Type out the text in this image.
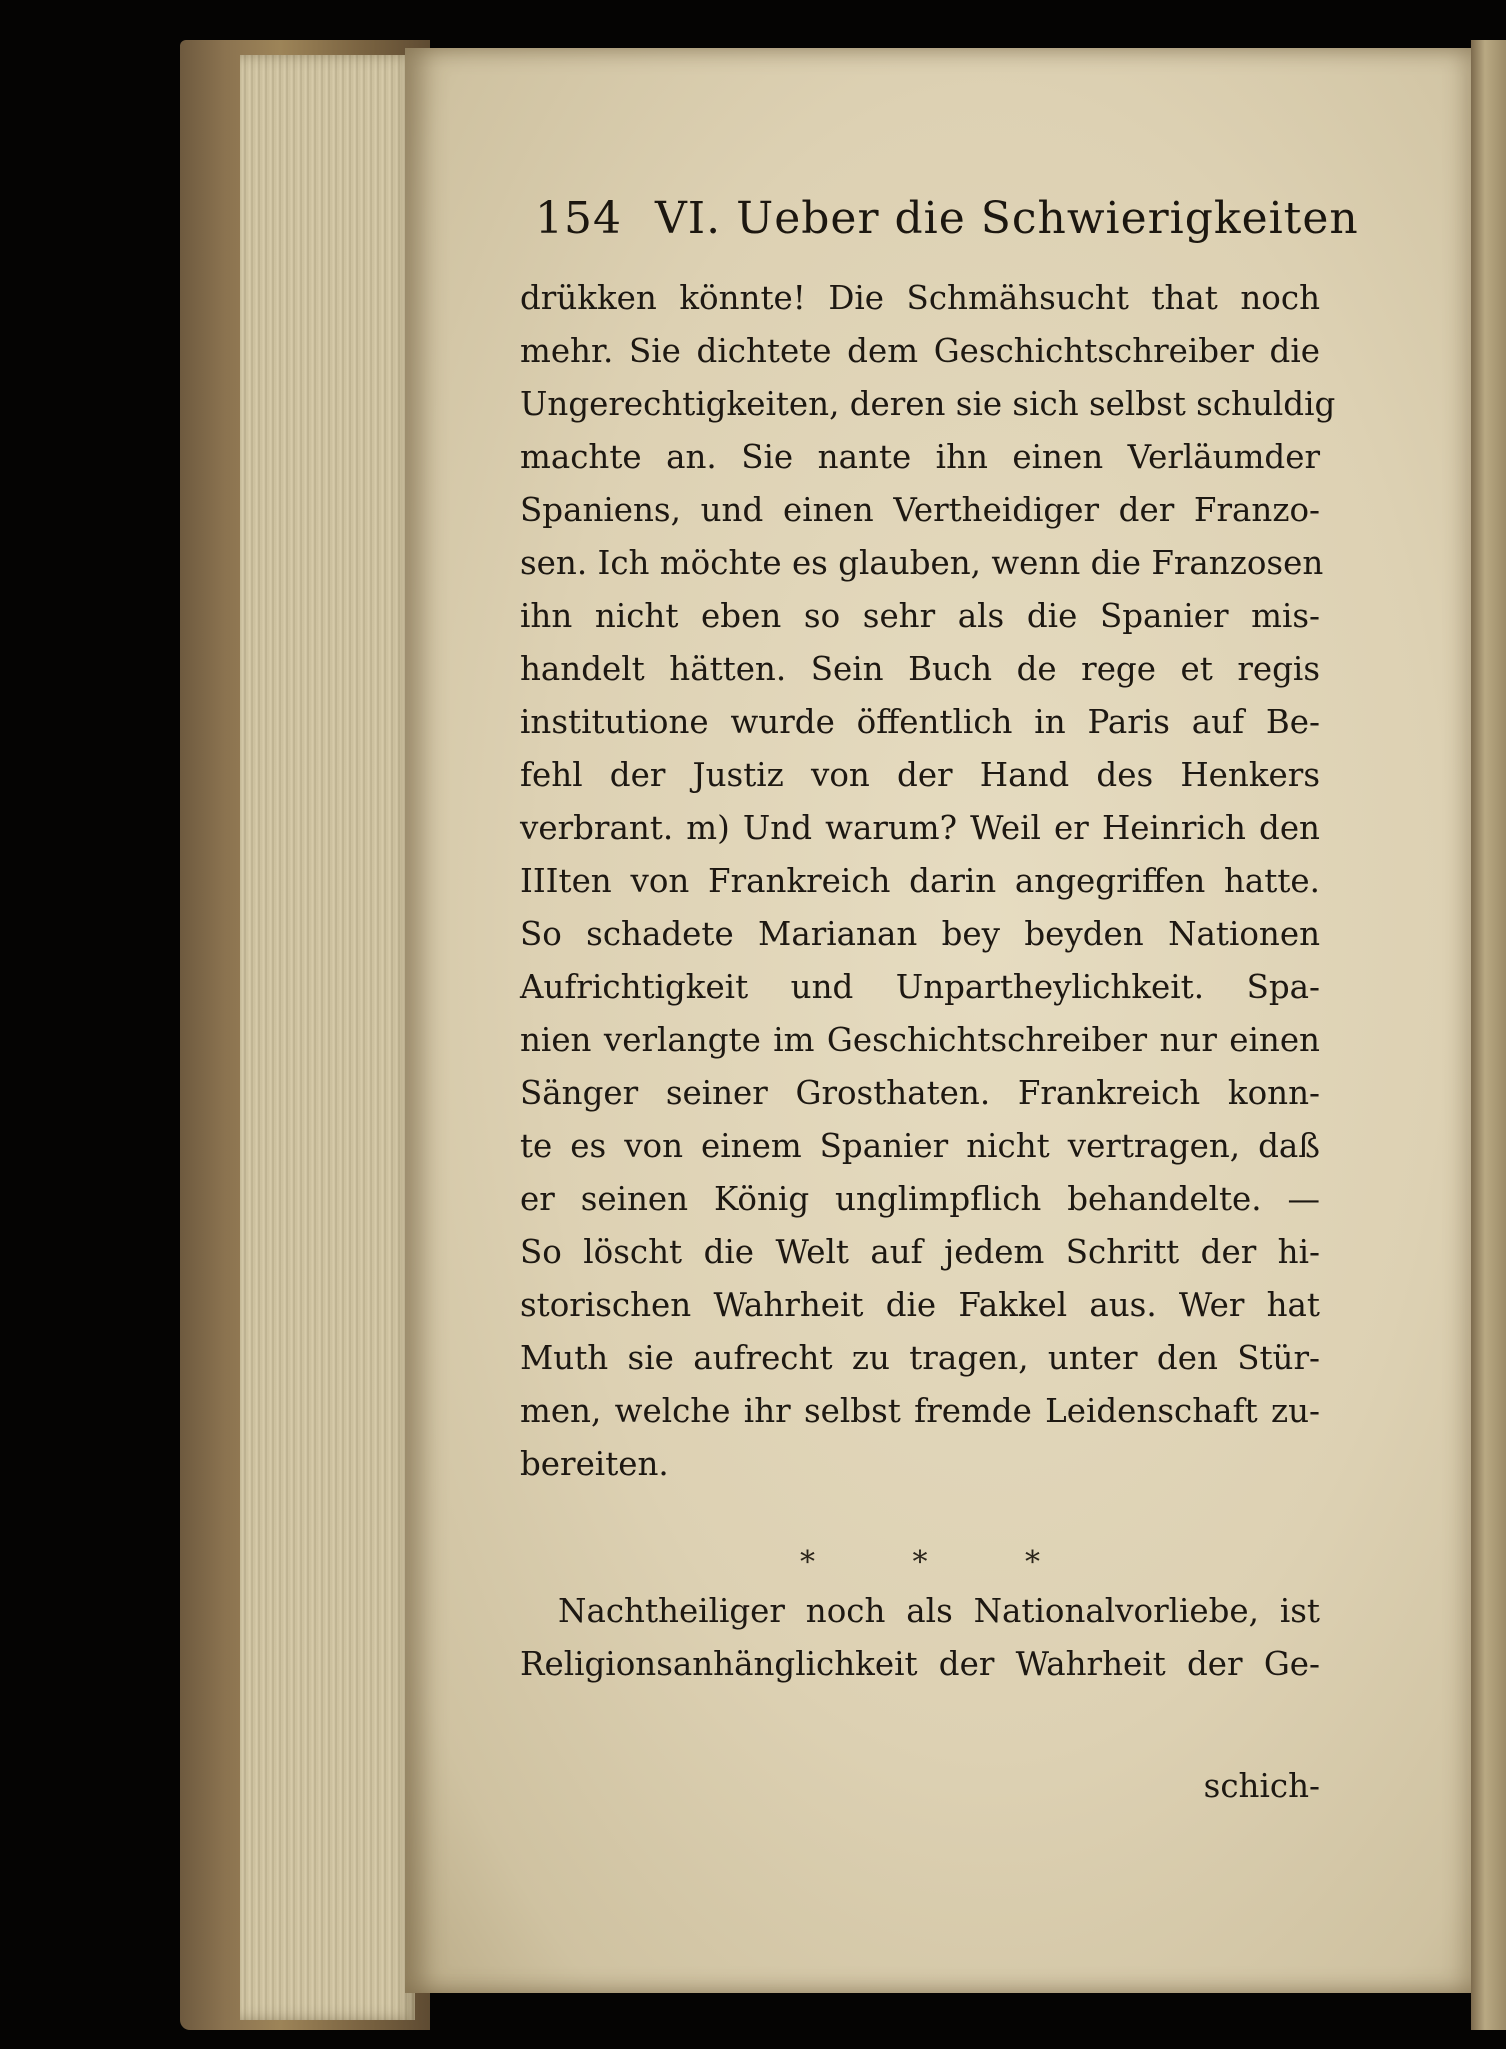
154 VI. Ueber die Schwierigkeiten
drükken könnte! Die Schmähsucht that noch
mehr. Sie dichtete dem Geschichtschreiber die
Ungerechtigkeiten, deren sie sich selbst schuldig
machte an. Sie nante ihn einen Verläumder
Spaniens, und einen Vertheidiger der Franzo-
sen. Ich möchte es glauben, wenn die Franzosen
ihn nicht eben so sehr als die Spanier mis-
handelt hätten. Sein Buch de rege et regis
institutione wurde öffentlich in Paris auf Be-
fehl der Justiz von der Hand des Henkers
verbrant. m) Und warum? Weil er Heinrich den
IIIten von Frankreich darin angegriffen hatte.
So schadete Marianan bey beyden Nationen
Aufrichtigkeit und Unpartheylichkeit. Spa-
nien verlangte im Geschichtschreiber nur einen
Sänger seiner Grosthaten. Frankreich konn-
te es von einem Spanier nicht vertragen, daß
er seinen König unglimpflich behandelte. —
So löscht die Welt auf jedem Schritt der hi-
storischen Wahrheit die Fakkel aus. Wer hat
Muth sie aufrecht zu tragen, unter den Stür-
men, welche ihr selbst fremde Leidenschaft zu-
bereiten.
*	*	*
Nachtheiliger noch als Nationalvorliebe, ist
Religionsanhänglichkeit der Wahrheit der Ge-
schich-
